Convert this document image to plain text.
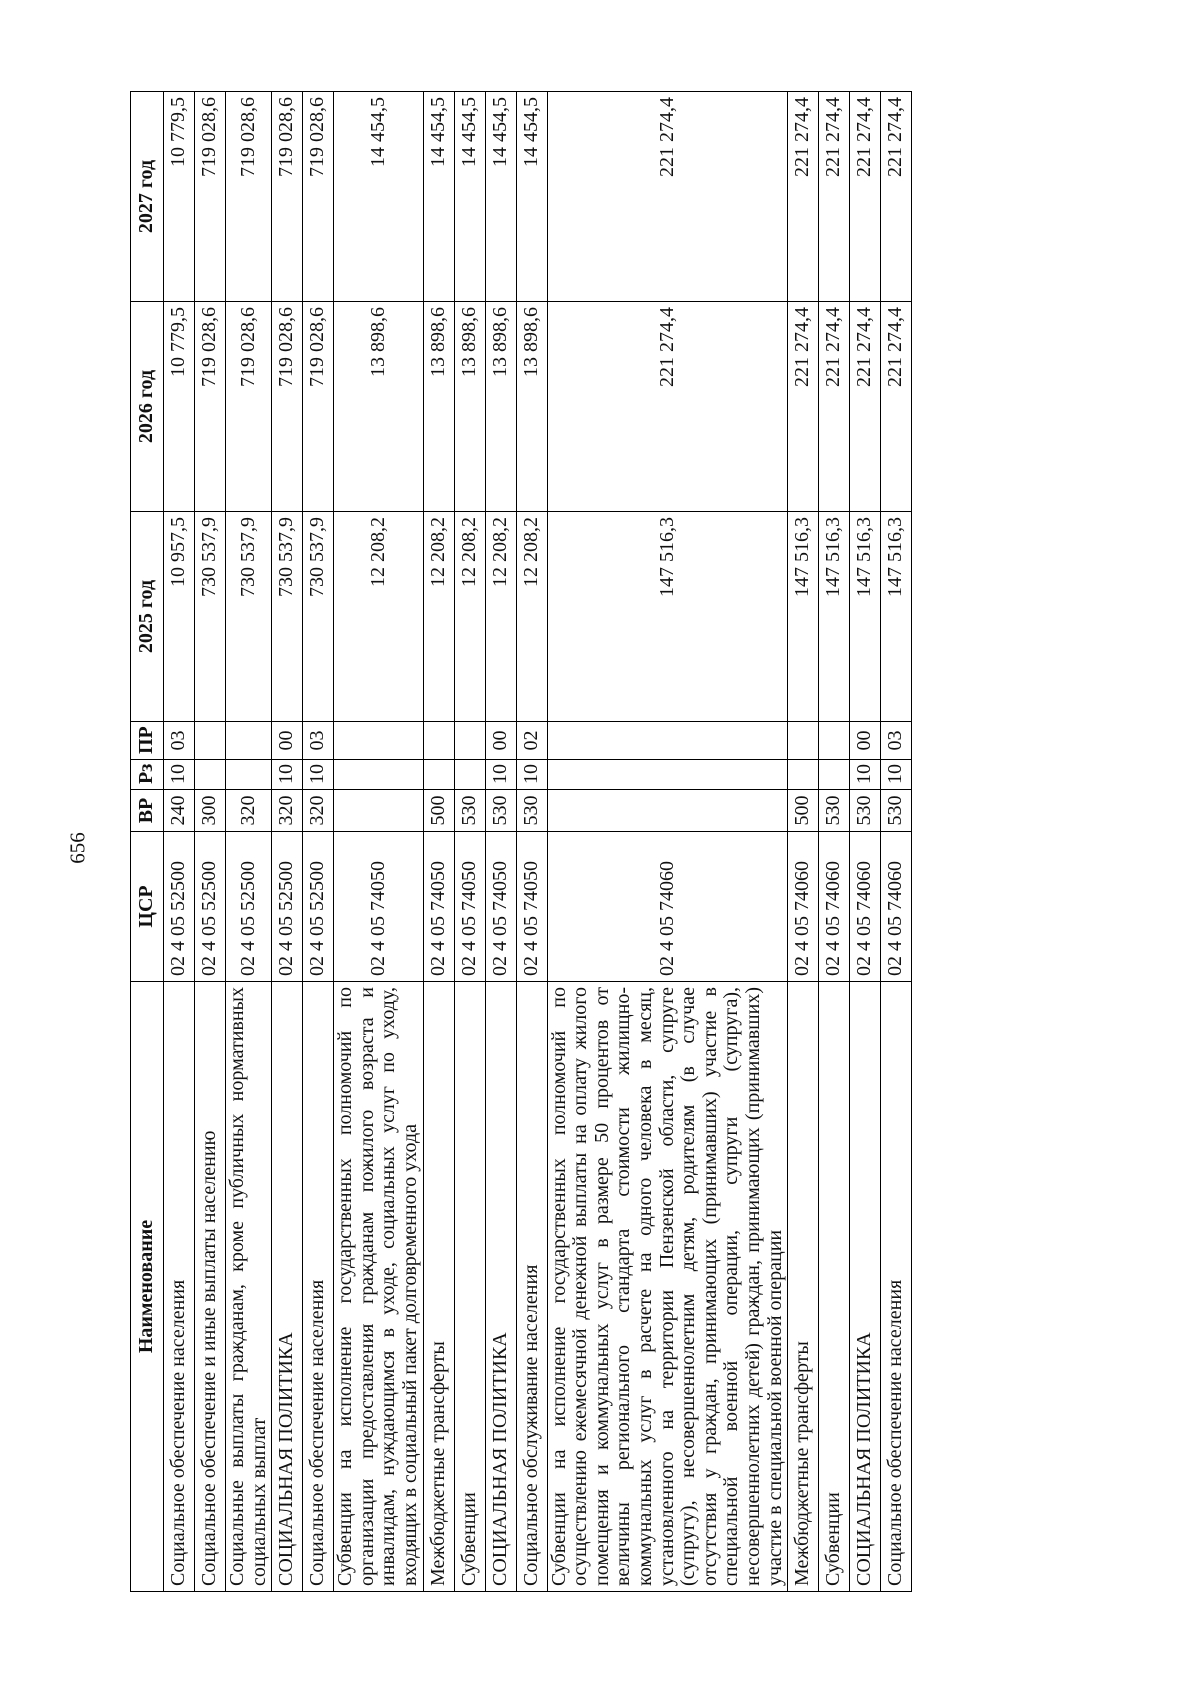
656
Наименование	ЦСР	ВР	Рз	ПР	2025 год	2026 год	2027 год
Социальное обеспечение населения	02 4 05 52500	240	10	03	10 957,5	10 779,5	10 779,5
Социальное обеспечение и иные выплаты населению	02 4 05 52500	300			730 537,9	719 028,6	719 028,6
Социальные выплаты гражданам, кроме публичных нормативных социальных выплат	02 4 05 52500	320			730 537,9	719 028,6	719 028,6
СОЦИАЛЬНАЯ ПОЛИТИКА	02 4 05 52500	320	10	00	730 537,9	719 028,6	719 028,6
Социальное обеспечение населения	02 4 05 52500	320	10	03	730 537,9	719 028,6	719 028,6
Субвенции на исполнение государственных полномочий по организации предоставления гражданам пожилого возраста и инвалидам, нуждающимся в уходе, социальных услуг по уходу, входящих в социальный пакет долговременного ухода	02 4 05 74050				12 208,2	13 898,6	14 454,5
Межбюджетные трансферты	02 4 05 74050	500			12 208,2	13 898,6	14 454,5
Субвенции	02 4 05 74050	530			12 208,2	13 898,6	14 454,5
СОЦИАЛЬНАЯ ПОЛИТИКА	02 4 05 74050	530	10	00	12 208,2	13 898,6	14 454,5
Социальное обслуживание населения	02 4 05 74050	530	10	02	12 208,2	13 898,6	14 454,5
Субвенции на исполнение государственных полномочий по осуществлению ежемесячной денежной выплаты на оплату жилого помещения и коммунальных услуг в размере 50 процентов от величины регионального стандарта стоимости жилищно-коммунальных услуг в расчете на одного человека в месяц, установленного на территории Пензенской области, супруге (супругу), несовершеннолетним детям, родителям (в случае отсутствия у граждан, принимающих (принимавших) участие в специальной военной операции, супруги (супруга), несовершеннолетних детей) граждан, принимающих (принимавших) участие в специальной военной операции	02 4 05 74060				147 516,3	221 274,4	221 274,4
Межбюджетные трансферты	02 4 05 74060	500			147 516,3	221 274,4	221 274,4
Субвенции	02 4 05 74060	530			147 516,3	221 274,4	221 274,4
СОЦИАЛЬНАЯ ПОЛИТИКА	02 4 05 74060	530	10	00	147 516,3	221 274,4	221 274,4
Социальное обеспечение населения	02 4 05 74060	530	10	03	147 516,3	221 274,4	221 274,4
